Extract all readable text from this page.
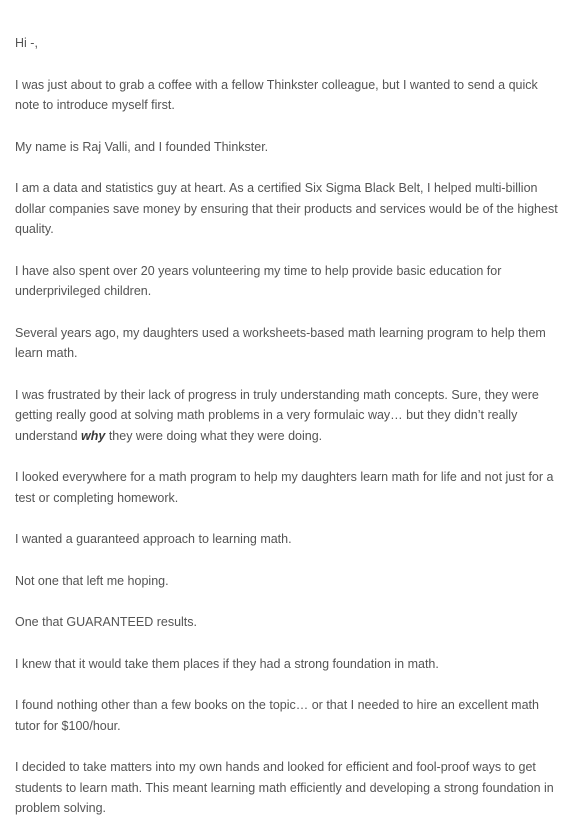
Hi -,

I was just about to grab a coffee with a fellow Thinkster colleague, but I wanted to send a quick note to introduce myself first.

My name is Raj Valli, and I founded Thinkster.

I am a data and statistics guy at heart. As a certified Six Sigma Black Belt, I helped multi-billion dollar companies save money by ensuring that their products and services would be of the highest quality.

I have also spent over 20 years volunteering my time to help provide basic education for underprivileged children.

Several years ago, my daughters used a worksheets-based math learning program to help them learn math.

I was frustrated by their lack of progress in truly understanding math concepts. Sure, they were getting really good at solving math problems in a very formulaic way… but they didn’t really understand why they were doing what they were doing.

I looked everywhere for a math program to help my daughters learn math for life and not just for a test or completing homework.

I wanted a guaranteed approach to learning math.

Not one that left me hoping.

One that GUARANTEED results.

I knew that it would take them places if they had a strong foundation in math.

I found nothing other than a few books on the topic… or that I needed to hire an excellent math tutor for $100/hour.

I decided to take matters into my own hands and looked for efficient and fool-proof ways to get students to learn math. This meant learning math efficiently and developing a strong foundation in problem solving.
